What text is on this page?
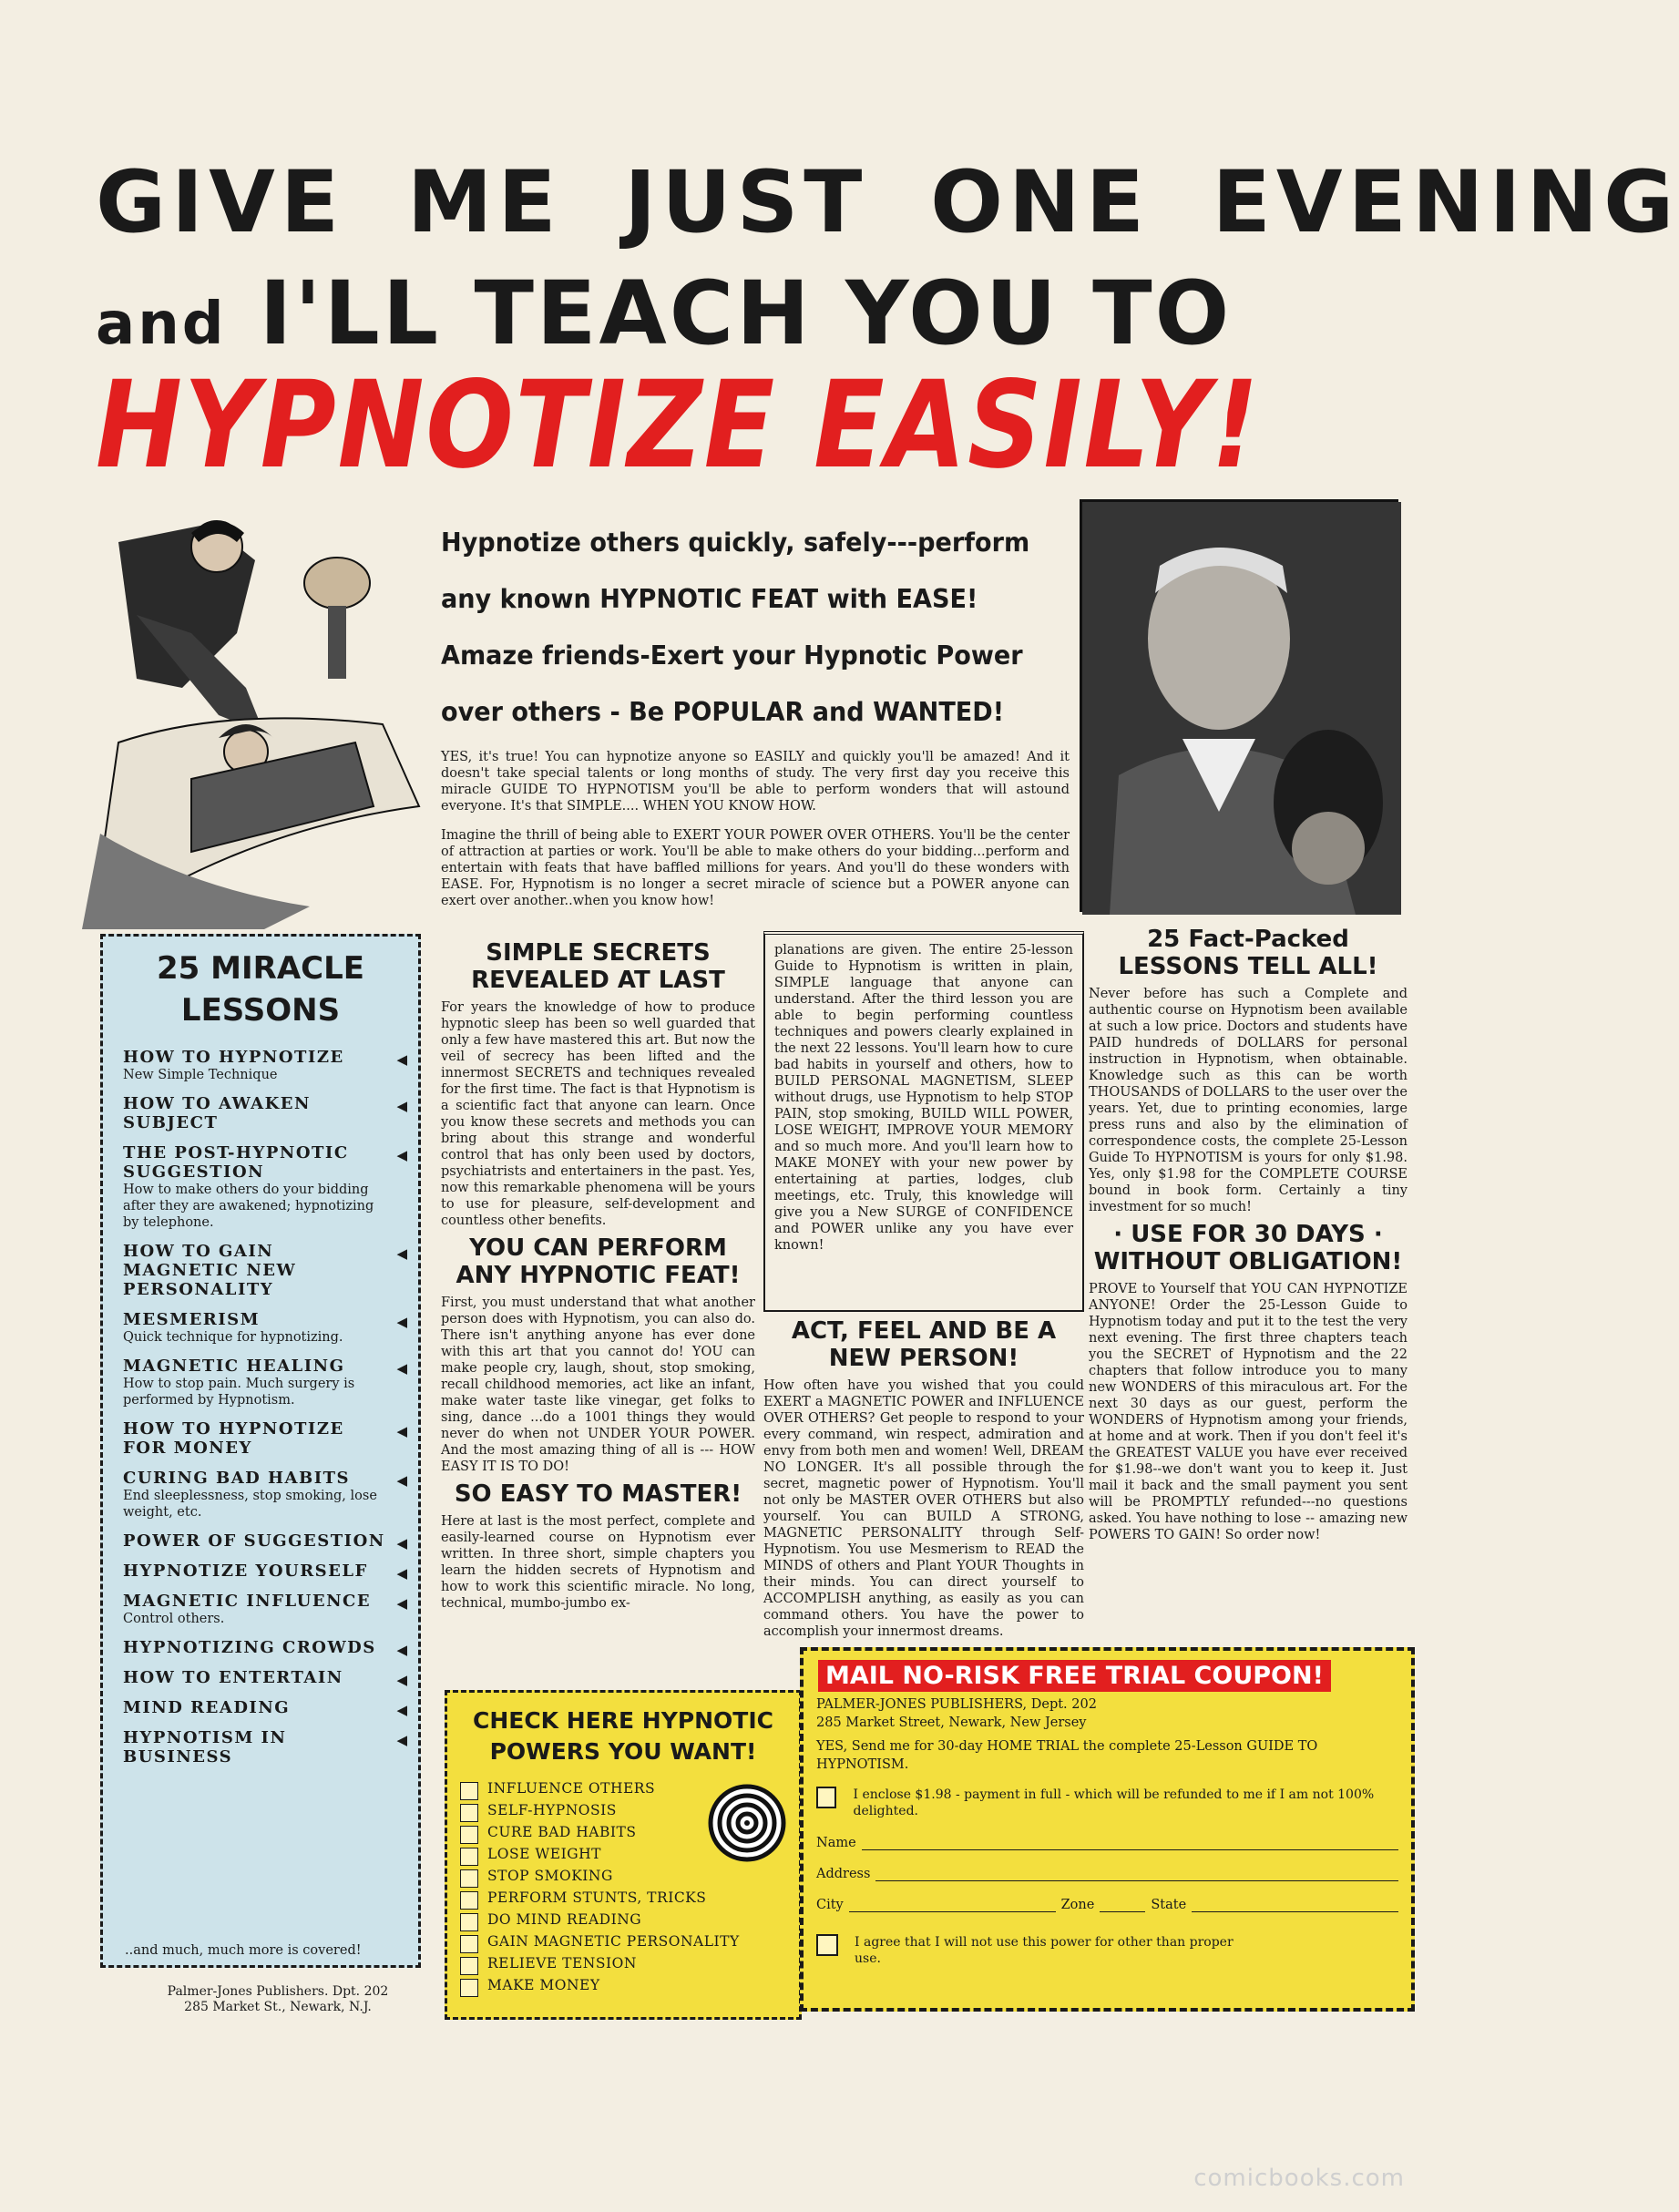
GIVE ME JUST ONE EVENING
and I'LL TEACH YOU TO
HYPNOTIZE EASILY!
Hypnotize others quickly, safely---perform
any known HYPNOTIC FEAT with EASE!
Amaze friends-Exert your Hypnotic Power
over others - Be POPULAR and WANTED!
YES, it's true! You can hypnotize anyone so EASILY and quickly you'll be amazed! And it doesn't take special talents or long months of study. The very first day you receive this miracle GUIDE TO HYPNOTISM you'll be able to perform wonders that will astound everyone. It's that SIMPLE.... WHEN YOU KNOW HOW.
Imagine the thrill of being able to EXERT YOUR POWER OVER OTHERS. You'll be the center of attraction at parties or work. You'll be able to make others do your bidding...perform and entertain with feats that have baffled millions for years. And you'll do these wonders with EASE. For, Hypnotism is no longer a secret miracle of science but a POWER anyone can exert over another..when you know how!
25 MIRACLE
LESSONS
HOW TO HYPNOTIZE
New Simple Technique
◀
HOW TO AWAKEN SUBJECT
◀
THE POST-HYPNOTIC SUGGESTION
How to make others do your bidding after they are awakened; hypnotizing by telephone.
◀
HOW TO GAIN MAGNETIC NEW PERSONALITY
◀
MESMERISM
Quick technique for hypnotizing.
◀
MAGNETIC HEALING
How to stop pain. Much surgery is performed by Hypnotism.
◀
HOW TO HYPNOTIZE FOR MONEY
◀
CURING BAD HABITS
End sleeplessness, stop smoking, lose weight, etc.
◀
POWER OF SUGGESTION ◀
HYPNOTIZE YOURSELF	◀
MAGNETIC INFLUENCE
Control others.
◀
HYPNOTIZING CROWDS	◀
HOW TO ENTERTAIN	◀
MIND READING	◀
HYPNOTISM IN BUSINESS
◀
..and much, much more is covered!
Palmer-Jones Publishers. Dpt. 202
285 Market St., Newark, N.J.
SIMPLE SECRETS REVEALED AT LAST
For years the knowledge of how to produce hypnotic sleep has been so well guarded that only a few have mastered this art. But now the veil of secrecy has been lifted and the innermost SECRETS and techniques revealed for the first time. The fact is that Hypnotism is a scientific fact that anyone can learn. Once you know these secrets and methods you can bring about this strange and wonderful control that has only been used by doctors, psychiatrists and entertainers in the past. Yes, now this remarkable phenomena will be yours to use for pleasure, self-development and countless other benefits.
YOU CAN PERFORM ANY HYPNOTIC FEAT!
First, you must understand that what another person does with Hypnotism, you can also do. There isn't anything anyone has ever done with this art that you cannot do! YOU can make people cry, laugh, shout, stop smoking, recall childhood memories, act like an infant, make water taste like vinegar, get folks to sing, dance ...do a 1001 things they would never do when not UNDER YOUR POWER. And the most amazing thing of all is --- HOW EASY IT IS TO DO!
SO EASY TO MASTER!
Here at last is the most perfect, complete and easily-learned course on Hypnotism ever written. In three short, simple chapters you learn the hidden secrets of Hypnotism and how to work this scientific miracle. No long, technical, mumbo-jumbo ex-
planations are given. The entire 25-lesson Guide to Hypnotism is written in plain, SIMPLE language that anyone can understand. After the third lesson you are able to begin performing countless techniques and powers clearly explained in the next 22 lessons. You'll learn how to cure bad habits in yourself and others, how to BUILD PERSONAL MAGNETISM, SLEEP without drugs, use Hypnotism to help STOP PAIN, stop smoking, BUILD WILL POWER, LOSE WEIGHT, IMPROVE YOUR MEMORY and so much more. And you'll learn how to MAKE MONEY with your new power by entertaining at parties, lodges, club meetings, etc. Truly, this knowledge will give you a New SURGE of CONFIDENCE and POWER unlike any you have ever known!
ACT, FEEL AND BE A NEW PERSON!
How often have you wished that you could EXERT a MAGNETIC POWER and INFLUENCE OVER OTHERS? Get people to respond to your every command, win respect, admiration and envy from both men and women! Well, DREAM NO LONGER. It's all possible through the secret, magnetic power of Hypnotism. You'll not only be MASTER OVER OTHERS but also yourself. You can BUILD A STRONG, MAGNETIC PERSONALITY through Self-Hypnotism. You use Mesmerism to READ the MINDS of others and Plant YOUR Thoughts in their minds. You can direct yourself to ACCOMPLISH anything, as easily as you can command others. You have the power to accomplish your innermost dreams.
25 Fact-Packed LESSONS TELL ALL!
Never before has such a Complete and authentic course on Hypnotism been available at such a low price. Doctors and students have PAID hundreds of DOLLARS for personal instruction in Hypnotism, when obtainable. Knowledge such as this can be worth THOUSANDS of DOLLARS to the user over the years. Yet, due to printing economies, large press runs and also by the elimination of correspondence costs, the complete 25-Lesson Guide To HYPNOTISM is yours for only $1.98. Yes, only $1.98 for the COMPLETE COURSE bound in book form. Certainly a tiny investment for so much!
· USE FOR 30 DAYS · WITHOUT OBLIGATION!
PROVE to Yourself that YOU CAN HYPNOTIZE ANYONE! Order the 25-Lesson Guide to Hypnotism today and put it to the test the very next evening. The first three chapters teach you the SECRET of Hypnotism and the 22 chapters that follow introduce you to many new WONDERS of this miraculous art. For the next 30 days as our guest, perform the WONDERS of Hypnotism among your friends, at home and at work. Then if you don't feel it's the GREATEST VALUE you have ever received for $1.98--we don't want you to keep it. Just mail it back and the small payment you sent will be PROMPTLY refunded---no questions asked. You have nothing to lose -- amazing new POWERS TO GAIN! So order now!
CHECK HERE HYPNOTIC
POWERS YOU WANT!
INFLUENCE OTHERS
SELF-HYPNOSIS
CURE BAD HABITS
LOSE WEIGHT
STOP SMOKING
PERFORM STUNTS, TRICKS
DO MIND READING
GAIN MAGNETIC PERSONALITY
RELIEVE TENSION
MAKE MONEY
MAIL NO-RISK FREE TRIAL COUPON!
PALMER-JONES PUBLISHERS, Dept. 202
285 Market Street, Newark, New Jersey
YES, Send me for 30-day HOME TRIAL the complete 25-Lesson GUIDE TO HYPNOTISM.
I enclose $1.98 - payment in full - which will be refunded to me if I am not 100% delighted.
Name
Address
City	Zone	State
I agree that I will not use this power for other than proper use.
comicbooks.com
